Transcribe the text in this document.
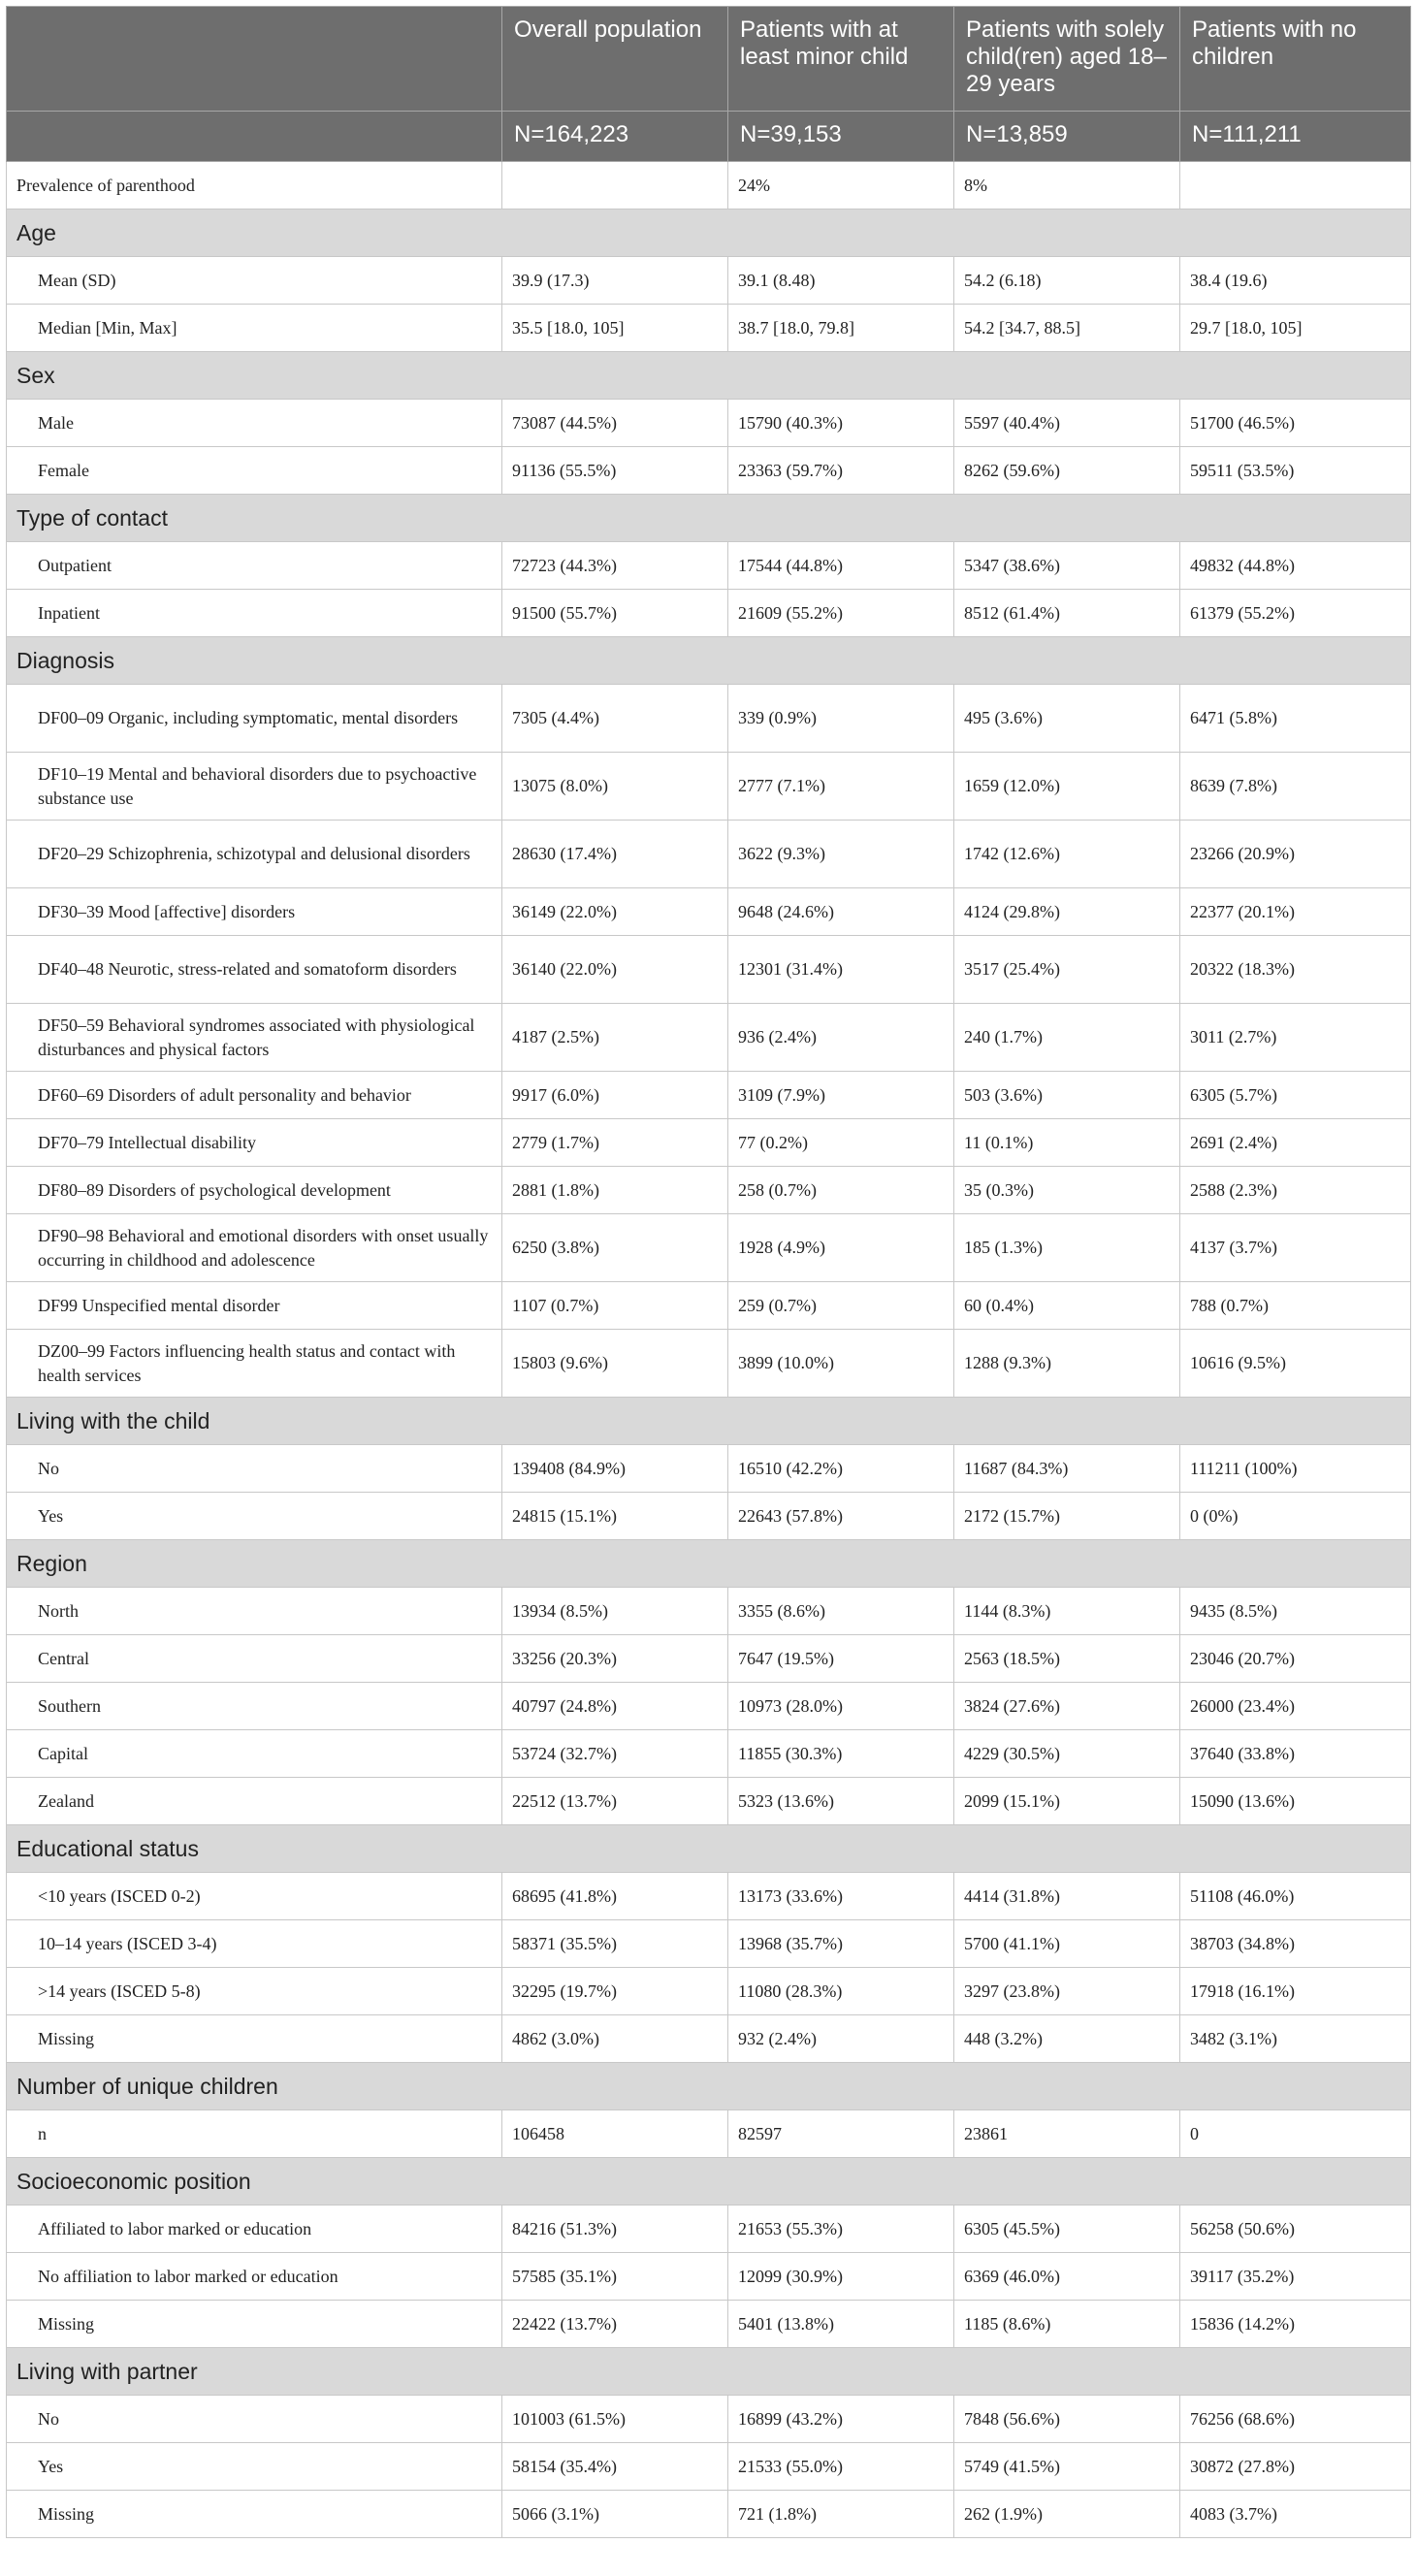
	Overall population	Patients with at least minor child	Patients with solely child(ren) aged 18–29 years	Patients with no children
	N=164,223	N=39,153	N=13,859	N=111,211
Prevalence of parenthood		24%	8%	
Age				
Mean (SD)	39.9 (17.3)	39.1 (8.48)	54.2 (6.18)	38.4 (19.6)
Median [Min, Max]	35.5 [18.0, 105]	38.7 [18.0, 79.8]	54.2 [34.7, 88.5]	29.7 [18.0, 105]
Sex				
Male	73087 (44.5%)	15790 (40.3%)	5597 (40.4%)	51700 (46.5%)
Female	91136 (55.5%)	23363 (59.7%)	8262 (59.6%)	59511 (53.5%)
Type of contact				
Outpatient	72723 (44.3%)	17544 (44.8%)	5347 (38.6%)	49832 (44.8%)
Inpatient	91500 (55.7%)	21609 (55.2%)	8512 (61.4%)	61379 (55.2%)
Diagnosis				
DF00–09 Organic, including symptomatic, mental disorders	7305 (4.4%)	339 (0.9%)	495 (3.6%)	6471 (5.8%)
DF10–19 Mental and behavioral disorders due to psychoactive substance use	13075 (8.0%)	2777 (7.1%)	1659 (12.0%)	8639 (7.8%)
DF20–29 Schizophrenia, schizotypal and delusional disorders	28630 (17.4%)	3622 (9.3%)	1742 (12.6%)	23266 (20.9%)
DF30–39 Mood [affective] disorders	36149 (22.0%)	9648 (24.6%)	4124 (29.8%)	22377 (20.1%)
DF40–48 Neurotic, stress-related and somatoform disorders	36140 (22.0%)	12301 (31.4%)	3517 (25.4%)	20322 (18.3%)
DF50–59 Behavioral syndromes associated with physiological disturbances and physical factors	4187 (2.5%)	936 (2.4%)	240 (1.7%)	3011 (2.7%)
DF60–69 Disorders of adult personality and behavior	9917 (6.0%)	3109 (7.9%)	503 (3.6%)	6305 (5.7%)
DF70–79 Intellectual disability	2779 (1.7%)	77 (0.2%)	11 (0.1%)	2691 (2.4%)
DF80–89 Disorders of psychological development	2881 (1.8%)	258 (0.7%)	35 (0.3%)	2588 (2.3%)
DF90–98 Behavioral and emotional disorders with onset usually occurring in childhood and adolescence	6250 (3.8%)	1928 (4.9%)	185 (1.3%)	4137 (3.7%)
DF99 Unspecified mental disorder	1107 (0.7%)	259 (0.7%)	60 (0.4%)	788 (0.7%)
DZ00–99 Factors influencing health status and contact with health services	15803 (9.6%)	3899 (10.0%)	1288 (9.3%)	10616 (9.5%)
Living with the child				
No	139408 (84.9%)	16510 (42.2%)	11687 (84.3%)	111211 (100%)
Yes	24815 (15.1%)	22643 (57.8%)	2172 (15.7%)	0 (0%)
Region				
North	13934 (8.5%)	3355 (8.6%)	1144 (8.3%)	9435 (8.5%)
Central	33256 (20.3%)	7647 (19.5%)	2563 (18.5%)	23046 (20.7%)
Southern	40797 (24.8%)	10973 (28.0%)	3824 (27.6%)	26000 (23.4%)
Capital	53724 (32.7%)	11855 (30.3%)	4229 (30.5%)	37640 (33.8%)
Zealand	22512 (13.7%)	5323 (13.6%)	2099 (15.1%)	15090 (13.6%)
Educational status				
<10 years (ISCED 0-2)	68695 (41.8%)	13173 (33.6%)	4414 (31.8%)	51108 (46.0%)
10–14 years (ISCED 3-4)	58371 (35.5%)	13968 (35.7%)	5700 (41.1%)	38703 (34.8%)
>14 years (ISCED 5-8)	32295 (19.7%)	11080 (28.3%)	3297 (23.8%)	17918 (16.1%)
Missing	4862 (3.0%)	932 (2.4%)	448 (3.2%)	3482 (3.1%)
Number of unique children				
n	106458	82597	23861	0
Socioeconomic position				
Affiliated to labor marked or education	84216 (51.3%)	21653 (55.3%)	6305 (45.5%)	56258 (50.6%)
No affiliation to labor marked or education	57585 (35.1%)	12099 (30.9%)	6369 (46.0%)	39117 (35.2%)
Missing	22422 (13.7%)	5401 (13.8%)	1185 (8.6%)	15836 (14.2%)
Living with partner				
No	101003 (61.5%)	16899 (43.2%)	7848 (56.6%)	76256 (68.6%)
Yes	58154 (35.4%)	21533 (55.0%)	5749 (41.5%)	30872 (27.8%)
Missing	5066 (3.1%)	721 (1.8%)	262 (1.9%)	4083 (3.7%)
